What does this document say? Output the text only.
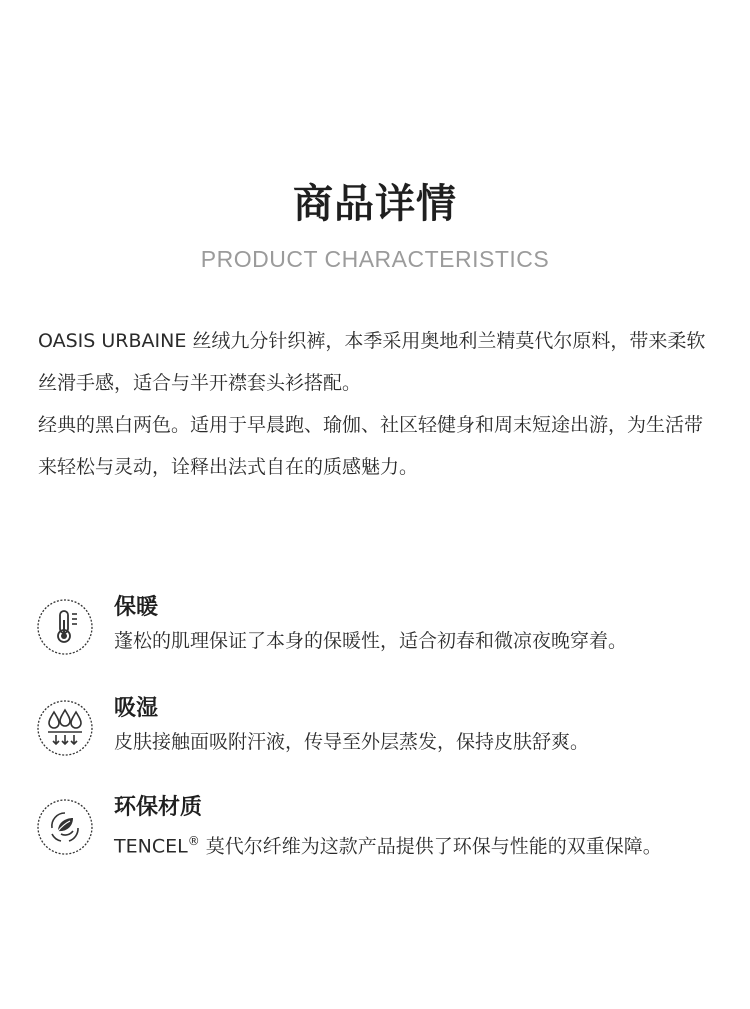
商品详情
PRODUCT CHARACTERISTICS

OASIS URBAINE 丝绒九分针织裤，本季采用奥地利兰精莫代尔原料，带来柔软丝滑手感，适合与半开襟套头衫搭配。

经典的黑白两色。适用于早晨跑、瑜伽、社区轻健身和周末短途出游，为生活带来轻松与灵动，诠释出法式自在的质感魅力。

保暖
蓬松的肌理保证了本身的保暖性，适合初春和微凉夜晚穿着。
吸湿
皮肤接触面吸附汗液，传导至外层蒸发，保持皮肤舒爽。
环保材质
TENCEL® 莫代尔纤维为这款产品提供了环保与性能的双重保障。
